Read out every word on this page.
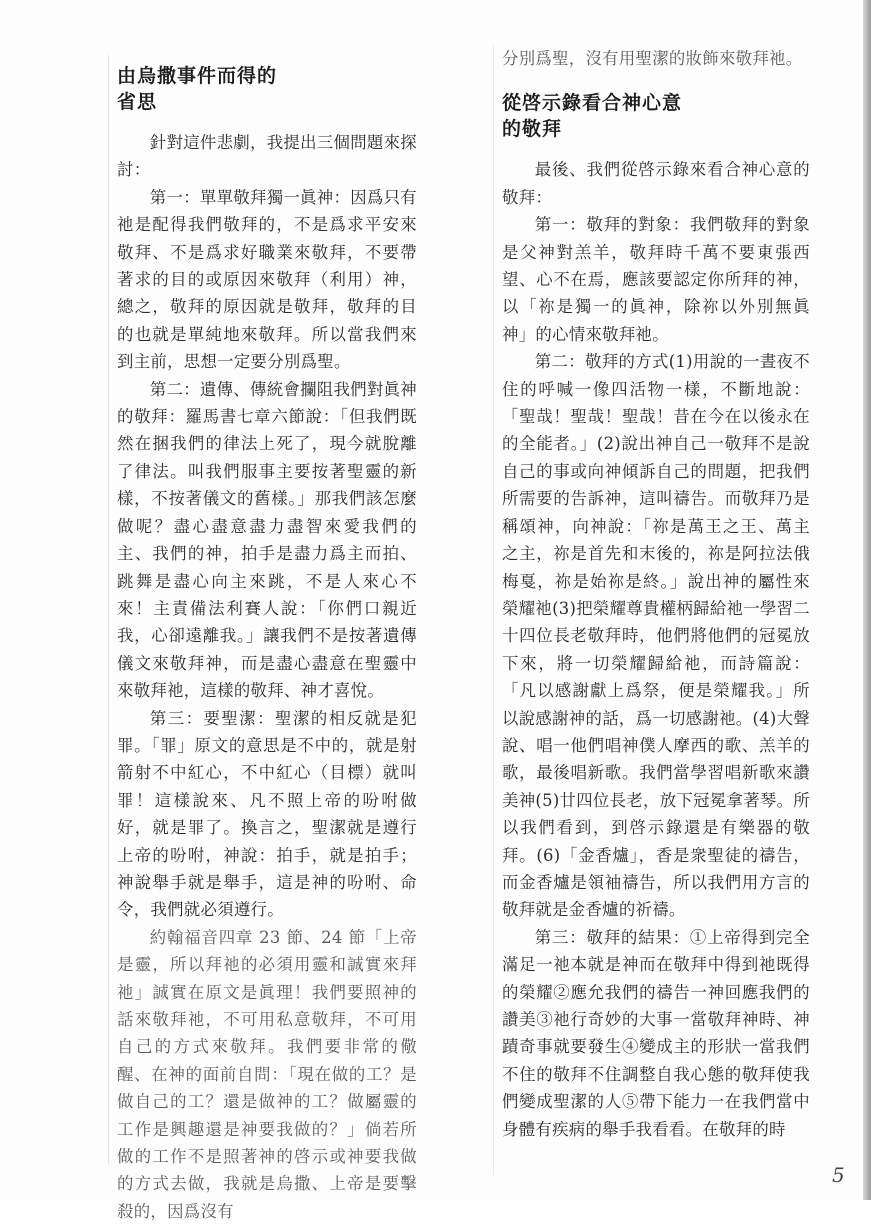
由烏撒事件而得的
省思

針對這件悲劇，我提出三個問題來探討：

第一：單單敬拜獨一眞神：因爲只有祂是配得我們敬拜的，不是爲求平安來敬拜、不是爲求好職業來敬拜，不要帶著求的目的或原因來敬拜（利用）神，總之，敬拜的原因就是敬拜，敬拜的目的也就是單純地來敬拜。所以當我們來到主前，思想一定要分別爲聖。

第二：遺傳、傳統會攔阻我們對眞神的敬拜：羅馬書七章六節說：「但我們既然在捆我們的律法上死了，現今就脫離了律法。叫我們服事主要按著聖靈的新樣，不按著儀文的舊樣。」那我們該怎麼做呢？盡心盡意盡力盡智來愛我們的主、我們的神，拍手是盡力爲主而拍、跳舞是盡心向主來跳，不是人來心不來！主責備法利賽人說：「你們口親近我，心卻遠離我。」讓我們不是按著遺傳儀文來敬拜神，而是盡心盡意在聖靈中來敬拜祂，這樣的敬拜、神才喜悅。

第三：要聖潔：聖潔的相反就是犯罪。「罪」原文的意思是不中的，就是射箭射不中紅心，不中紅心（目標）就叫罪！這樣說來、凡不照上帝的吩咐做好，就是罪了。換言之，聖潔就是遵行上帝的吩咐，神說：拍手，就是拍手；神說舉手就是舉手，這是神的吩咐、命令，我們就必須遵行。

約翰福音四章 23 節、24 節「上帝是靈，所以拜祂的必須用靈和誠實來拜祂」誠實在原文是眞理！我們要照神的話來敬拜祂，不可用私意敬拜，不可用自己的方式來敬拜。我們要非常的儆醒、在神的面前自問：「現在做的工？是做自己的工？還是做神的工？做屬靈的工作是興趣還是神要我做的？」倘若所做的工作不是照著神的啓示或神要我做的方式去做，我就是烏撒、上帝是要擊殺的，因爲沒有

分別爲聖，沒有用聖潔的妝飾來敬拜祂。

從啓示錄看合神心意
的敬拜

最後、我們從啓示錄來看合神心意的敬拜：

第一：敬拜的對象：我們敬拜的對象是父神對羔羊，敬拜時千萬不要東張西望、心不在焉，應該要認定你所拜的神，以「祢是獨一的眞神，除祢以外別無眞神」的心情來敬拜祂。

第二：敬拜的方式(1)用說的一晝夜不住的呼喊一像四活物一樣，不斷地說：「聖哉！聖哉！聖哉！昔在今在以後永在的全能者。」(2)說出神自己一敬拜不是說自己的事或向神傾訴自己的問題，把我們所需要的告訴神，這叫禱告。而敬拜乃是稱頌神，向神說：「祢是萬王之王、萬主之主，祢是首先和末後的，祢是阿拉法俄梅戛，祢是始祢是終。」說出神的屬性來榮耀祂(3)把榮耀尊貴權柄歸給祂一學習二十四位長老敬拜時，他們將他們的冠冕放下來，將一切榮耀歸給祂，而詩篇說：「凡以感謝獻上爲祭，便是榮耀我。」所以說感謝神的話，爲一切感謝祂。(4)大聲說、唱一他們唱神僕人摩西的歌、羔羊的歌，最後唱新歌。我們當學習唱新歌來讚美神(5)廿四位長老，放下冠冕拿著琴。所以我們看到，到啓示錄還是有樂器的敬拜。(6)「金香爐」，香是衆聖徒的禱告，而金香爐是領袖禱告，所以我們用方言的敬拜就是金香爐的祈禱。

第三：敬拜的結果：①上帝得到完全滿足一祂本就是神而在敬拜中得到祂既得的榮耀②應允我們的禱告一神回應我們的讚美③祂行奇妙的大事一當敬拜神時、神蹟奇事就要發生④變成主的形狀一當我們不住的敬拜不住調整自我心態的敬拜使我們變成聖潔的人⑤帶下能力一在我們當中身體有疾病的舉手我看看。在敬拜的時

5
